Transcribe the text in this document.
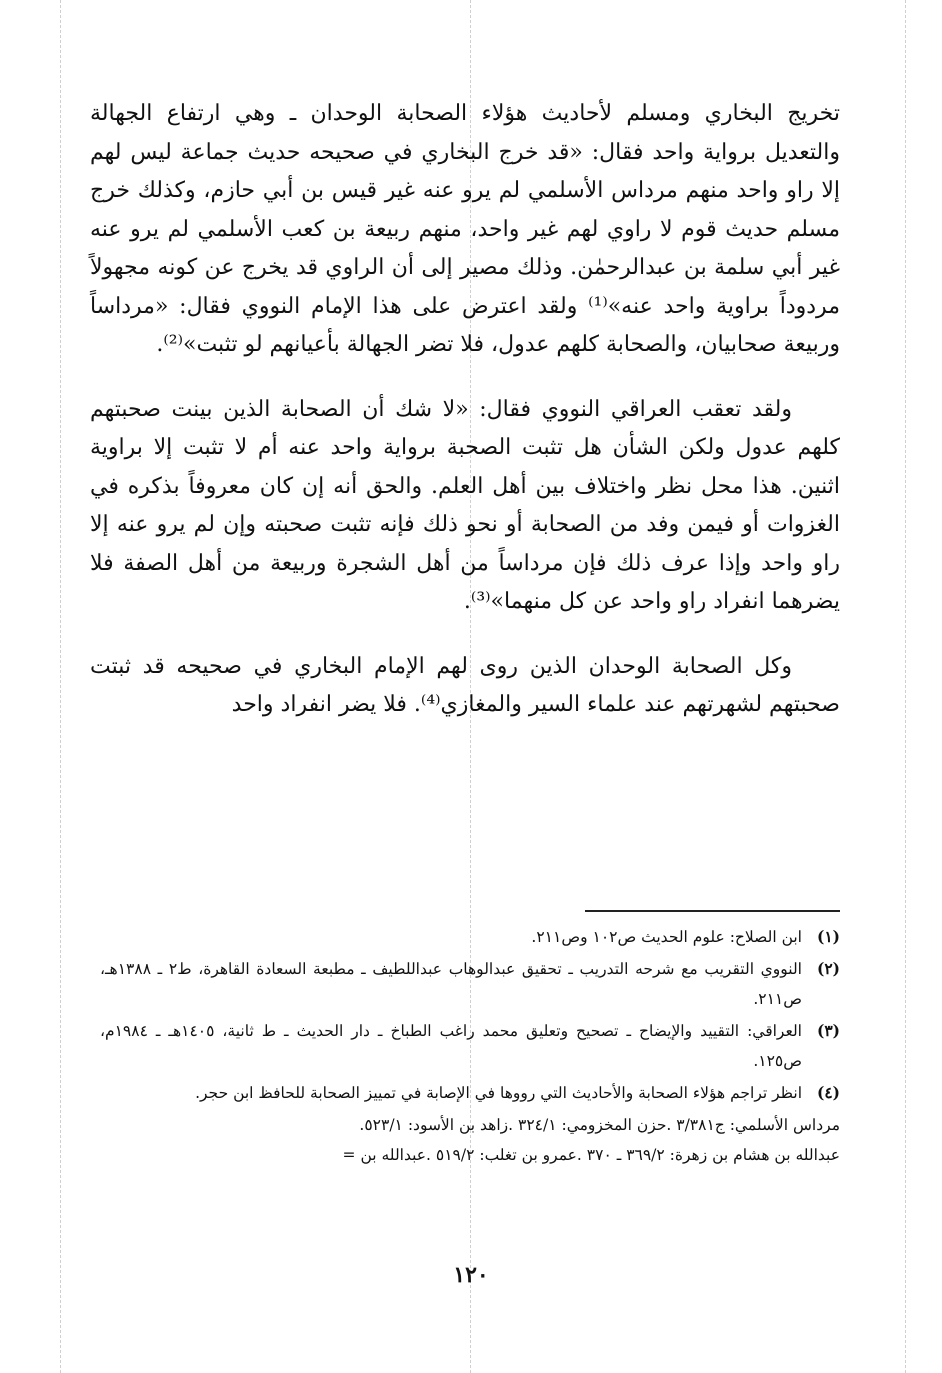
تخريج البخاري ومسلم لأحاديث هؤلاء الصحابة الوحدان ـ وهي ارتفاع الجهالة والتعديل برواية واحد فقال: «قد خرج البخاري في صحيحه حديث جماعة ليس لهم إلا راو واحد منهم مرداس الأسلمي لم يرو عنه غير قيس بن أبي حازم، وكذلك خرج مسلم حديث قوم لا راوي لهم غير واحد، منهم ربيعة بن كعب الأسلمي لم يرو عنه غير أبي سلمة بن عبدالرحمٰن. وذلك مصير إلى أن الراوي قد يخرج عن كونه مجهولاً مردوداً براوية واحد عنه»⁽¹⁾ ولقد اعترض على هذا الإمام النووي فقال: «مرداساً وربيعة صحابيان، والصحابة كلهم عدول، فلا تضر الجهالة بأعيانهم لو تثبت»⁽²⁾.

ولقد تعقب العراقي النووي فقال: «لا شك أن الصحابة الذين بينت صحبتهم كلهم عدول ولكن الشأن هل تثبت الصحبة برواية واحد عنه أم لا تثبت إلا براوية اثنين. هذا محل نظر واختلاف بين أهل العلم. والحق أنه إن كان معروفاً بذكره في الغزوات أو فيمن وفد من الصحابة أو نحو ذلك فإنه تثبت صحبته وإن لم يرو عنه إلا راو واحد وإذا عرف ذلك فإن مرداساً من أهل الشجرة وربيعة من أهل الصفة فلا يضرهما انفراد راو واحد عن كل منهما»⁽³⁾.

وكل الصحابة الوحدان الذين روى لهم الإمام البخاري في صحيحه قد ثبتت صحبتهم لشهرتهم عند علماء السير والمغازي⁽⁴⁾. فلا يضر انفراد واحد

(١)
ابن الصلاح: علوم الحديث ص١٠٢ وص٢١١.
(٢)
النووي التقريب مع شرحه التدريب ـ تحقيق عبدالوهاب عبداللطيف ـ مطبعة السعادة القاهرة، ط٢ ـ ١٣٨٨هـ، ص٢١١.
(٣)
العراقي: التقييد والإيضاح ـ تصحيح وتعليق محمد راغب الطباخ ـ دار الحديث ـ ط ثانية، ١٤٠٥هـ ـ ١٩٨٤م، ص١٢٥.
(٤)
انظر تراجم هؤلاء الصحابة والأحاديث التي رووها في الإصابة في تمييز الصحابة للحافظ ابن حجر.

مرداس الأسلمي: ج٣/٣٨١ .حزن المخزومي: ٣٢٤/١ .زاهد بن الأسود: ٥٢٣/١.

عبدالله بن هشام بن زهرة: ٣٦٩/٢ ـ ٣٧٠ .عمرو بن تغلب: ٥١٩/٢ .عبدالله بن =

١٢٠
